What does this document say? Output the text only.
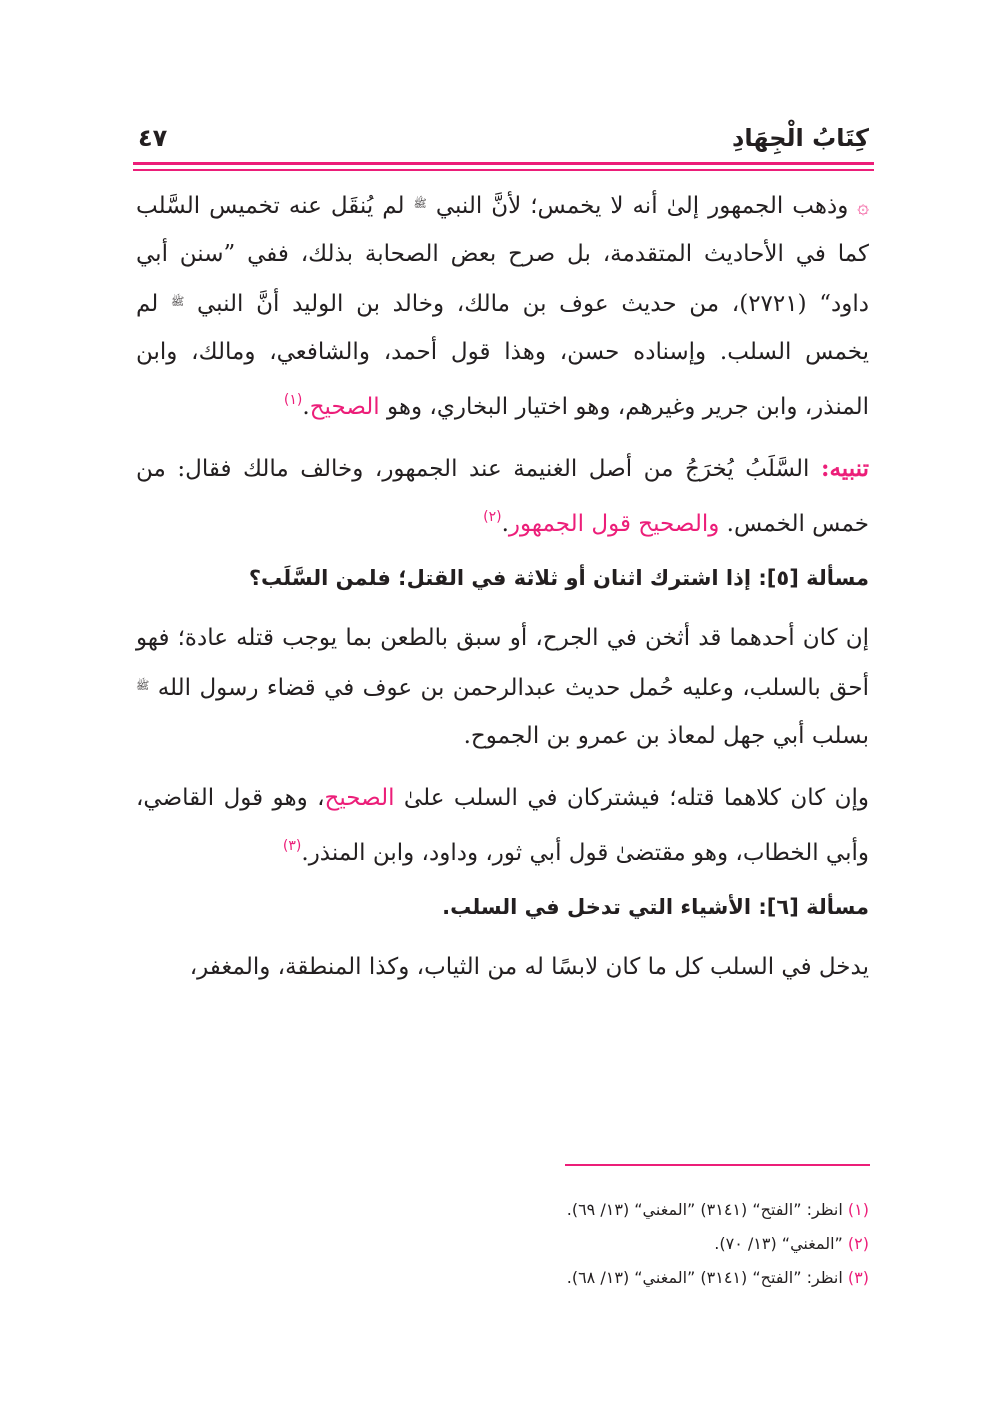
كِتَابُ الْجِهَادِ
٤٧

۞ وذهب الجمهور إلىٰ أنه لا يخمس؛ لأنَّ النبي $^ﷺ$ لم يُنقَل عنه تخميس السَّلب كما في الأحاديث المتقدمة، بل صرح بعض الصحابة بذلك، ففي ”سنن أبي داود“ (٢٧٢١)، من حديث عوف بن مالك، وخالد بن الوليد أنَّ النبي $^ﷺ$ لم يخمس السلب. وإسناده حسن، وهذا قول أحمد، والشافعي، ومالك، وابن المنذر، وابن جرير وغيرهم، وهو اختيار البخاري، وهو الصحيح.$^{(١)}$

تنبيه: السَّلَبُ يُخرَجُ من أصل الغنيمة عند الجمهور، وخالف مالك فقال: من خمس الخمس. والصحيح قول الجمهور.$^{(٢)}$

مسألة [٥]: إذا اشترك اثنان أو ثلاثة في القتل؛ فلمن السَّلَب؟

إن كان أحدهما قد أثخن في الجرح، أو سبق بالطعن بما يوجب قتله عادة؛ فهو أحق بالسلب، وعليه حُمل حديث عبدالرحمن بن عوف في قضاء رسول الله $^ﷺ$ بسلب أبي جهل لمعاذ بن عمرو بن الجموح.

وإن كان كلاهما قتله؛ فيشتركان في السلب علىٰ الصحيح، وهو قول القاضي، وأبي الخطاب، وهو مقتضىٰ قول أبي ثور، وداود، وابن المنذر.$^{(٣)}$

مسألة [٦]: الأشياء التي تدخل في السلب.

يدخل في السلب كل ما كان لابسًا له من الثياب، وكذا المنطقة، والمغفر،

(١) انظر: ”الفتح“ (٣١٤١) ”المغني“ (١٣/ ٦٩).
(٢) ”المغني“ (١٣/ ٧٠).
(٣) انظر: ”الفتح“ (٣١٤١) ”المغني“ (١٣/ ٦٨).
